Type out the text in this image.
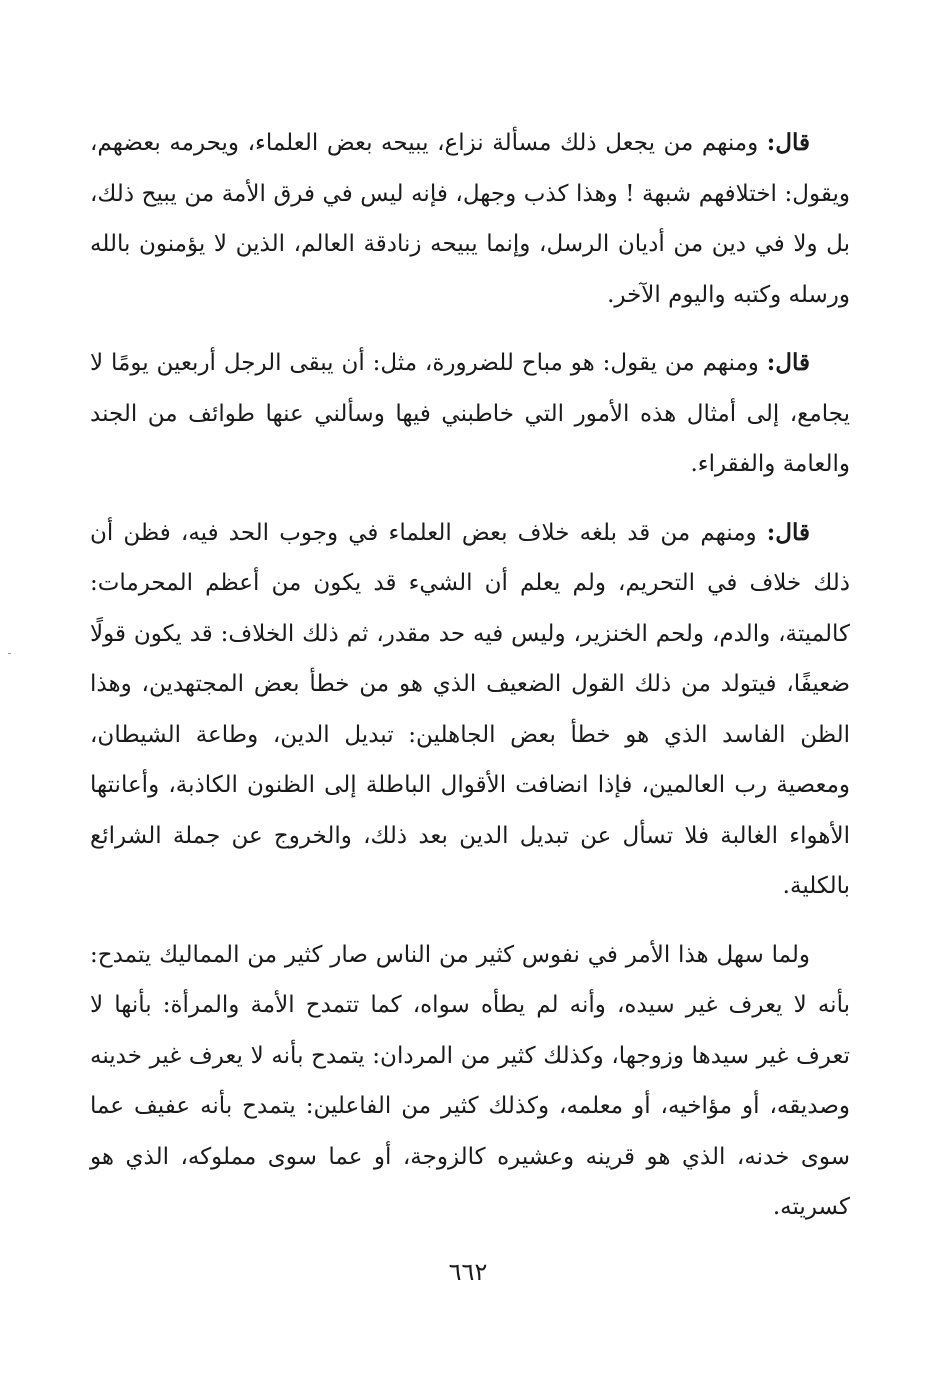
قال: ومنهم من يجعل ذلك مسألة نزاع، يبيحه بعض العلماء، ويحرمه بعضهم، ويقول: اختلافهم شبهة ! وهذا كذب وجهل، فإنه ليس في فرق الأمة من يبيح ذلك، بل ولا في دين من أديان الرسل، وإنما يبيحه زنادقة العالم، الذين لا يؤمنون بالله ورسله وكتبه واليوم الآخر.

قال: ومنهم من يقول: هو مباح للضرورة، مثل: أن يبقى الرجل أربعين يومًا لا يجامع، إلى أمثال هذه الأمور التي خاطبني فيها وسألني عنها طوائف من الجند والعامة والفقراء.

قال: ومنهم من قد بلغه خلاف بعض العلماء في وجوب الحد فيه، فظن أن ذلك خلاف في التحريم، ولم يعلم أن الشيء قد يكون من أعظم المحرمات: كالميتة، والدم، ولحم الخنزير، وليس فيه حد مقدر، ثم ذلك الخلاف: قد يكون قولًا ضعيفًا، فيتولد من ذلك القول الضعيف الذي هو من خطأ بعض المجتهدين، وهذا الظن الفاسد الذي هو خطأ بعض الجاهلين: تبديل الدين، وطاعة الشيطان، ومعصية رب العالمين، فإذا انضافت الأقوال الباطلة إلى الظنون الكاذبة، وأعانتها الأهواء الغالبة فلا تسأل عن تبديل الدين بعد ذلك، والخروج عن جملة الشرائع بالكلية.

ولما سهل هذا الأمر في نفوس كثير من الناس صار كثير من المماليك يتمدح: بأنه لا يعرف غير سيده، وأنه لم يطأه سواه، كما تتمدح الأمة والمرأة: بأنها لا تعرف غير سيدها وزوجها، وكذلك كثير من المردان: يتمدح بأنه لا يعرف غير خدينه وصديقه، أو مؤاخيه، أو معلمه، وكذلك كثير من الفاعلين: يتمدح بأنه عفيف عما سوى خدنه، الذي هو قرينه وعشيره كالزوجة، أو عما سوى مملوكه، الذي هو كسريته.

٦٦٢
